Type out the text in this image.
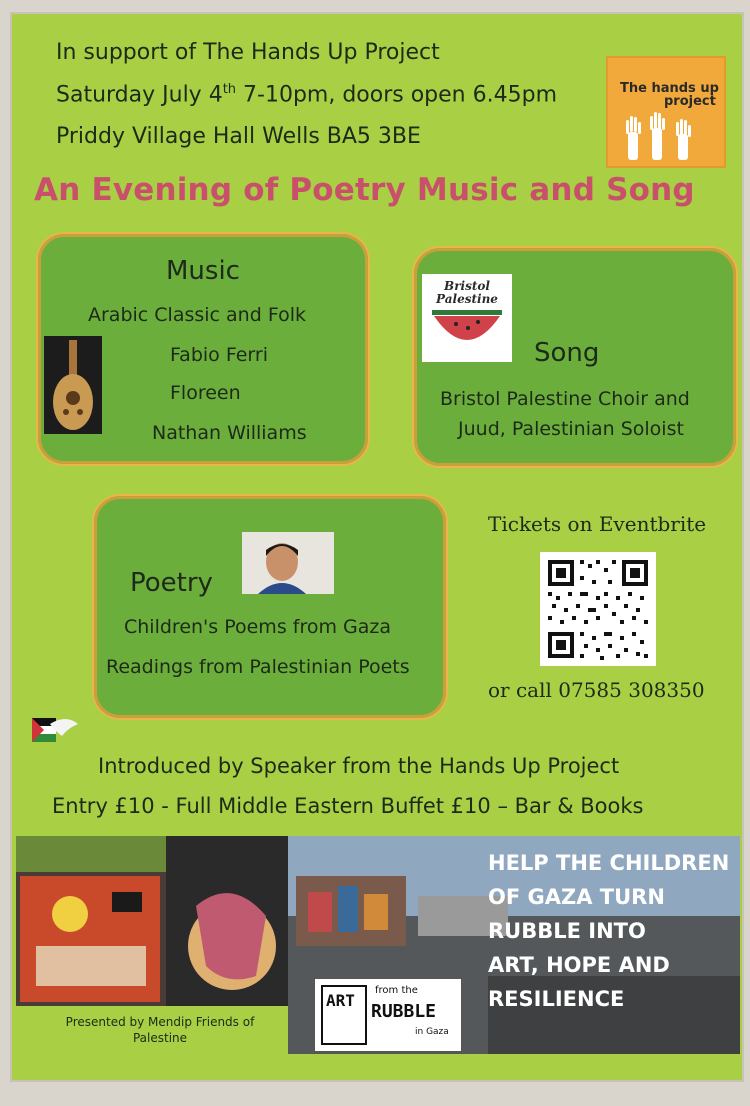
In support of The Hands Up Project
Saturday July 4th 7-10pm, doors open 6.45pm
Priddy Village Hall Wells BA5 3BE
The hands up
project
An Evening of Poetry Music and Song
Music
Arabic Classic and Folk
Fabio Ferri
Floreen
Nathan Williams
Bristol
Palestine
Song
Bristol Palestine Choir and
Juud, Palestinian Soloist
Poetry
Children's Poems from Gaza
Readings from Palestinian Poets
Tickets on Eventbrite
or call 07585 308350
Introduced by Speaker from the Hands Up Project
Entry £10 - Full Middle Eastern Buffet £10 – Bar & Books
HELP THE CHILDREN
OF GAZA TURN
RUBBLE INTO
ART, HOPE AND
RESILIENCE
ART
from the
RUBBLE
in Gaza
Presented by Mendip Friends of Palestine
